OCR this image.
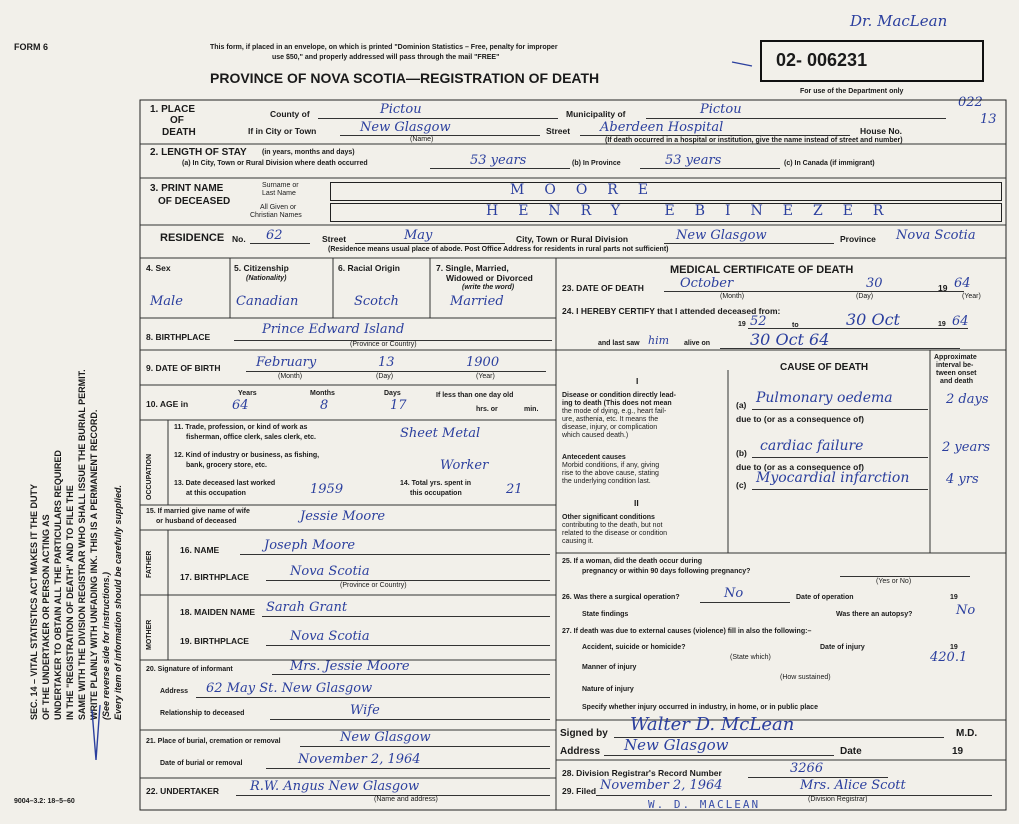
FORM 6	This form, if placed in an envelope, on which is printed "Dominion Statistics – Free, penalty for improper
use $50," and properly addressed will pass through the mail "FREE"
PROVINCE OF NOVA SCOTIA—REGISTRATION OF DEATH
02- 006231
Dr. MacLean
For use of the Department only
022
13
SEC. 14 – VITAL STATISTICS ACT MAKES IT THE DUTY OF THE UNDERTAKER OR PERSON ACTING AS UNDERTAKER TO OBTAIN ALL THE PARTICULARS REQUIRED IN THE "REGISTRATION OF DEATH" AND TO FILE THE SAME WITH THE DIVISION REGISTRAR WHO SHALL ISSUE THE BURIAL PERMIT. WRITE PLAINLY WITH UNFADING INK. THIS IS A PERMANENT RECORD. (See reverse side for instructions.) Every item of information should be carefully supplied.
1. PLACE
OF
DEATH
County of	Pictou	Municipality of	Pictou
If in City or Town	New Glasgow
(Name)
Street Aberdeen Hospital	House No.
(If death occurred in a hospital or institution, give the name instead of street and number)
2. LENGTH OF STAY (in years, months and days)
(a) In City, Town or Rural Division where death occurred	53 years	(b) In Province	53 years	(c) In Canada (if immigrant)
3. PRINT NAME
OF DECEASED
Surname or
Last Name
All Given or
Christian Names
MOORE
HENRY EBINEZER
RESIDENCE No. 62	Street	May	City, Town or Rural Division	New Glasgow	Province Nova Scotia
(Residence means usual place of abode. Post Office Address for residents in rural parts not sufficient)
4. Sex	5. Citizenship
(Nationality)
6. Racial Origin	7. Single, Married,
Widowed or Divorced
(write the word)
Male	Canadian	Scotch	Married
8. BIRTHPLACE	Prince Edward Island
(Province or Country)
9. DATE OF BIRTH	February	13	1900
(Month)	(Day)	(Year)
10. AGE in
Years	Months	Days
64	8	17
If less than one day old
hrs. or	min.
OCCUPATION
11. Trade, profession, or kind of work as
fisherman, office clerk, sales clerk, etc.	Sheet Metal
12. Kind of industry or business, as fishing,
bank, grocery store, etc.	Worker
13. Date deceased last worked
at this occupation	1959	14. Total yrs. spent in
this occupation	21
15. If married give name of wife
or husband of deceased	Jessie Moore
FATHER
MOTHER
16. NAME	Joseph Moore
17. BIRTHPLACE	Nova Scotia
(Province or Country)
18. MAIDEN NAME Sarah Grant
19. BIRTHPLACE	Nova Scotia
20. Signature of informant	Mrs. Jessie Moore
Address 62 May St. New Glasgow
Relationship to deceased	Wife
21. Place of burial, cremation or removal	New Glasgow
Date of burial or removal	November 2, 1964
22. UNDERTAKER R.W. Angus New Glasgow
(Name and address)
9004–3.2: 18–5–60
MEDICAL CERTIFICATE OF DEATH
23. DATE OF DEATH	October	30	19 64
(Month)	(Day)	(Year)
24. I HEREBY CERTIFY that I attended deceased from:
19 52	to	30 Oct	19 64
and last saw him alive on 30 Oct 64
CAUSE OF DEATH
Approximate
interval be-
tween onset
and death
I
Disease or condition directly lead-
ing to death (This does not mean
the mode of dying, e.g., heart fail-
ure, asthenia, etc. It means the
disease, injury, or complication
which caused death.)
(a) Pulmonary oedema	2 days
due to (or as a consequence of)
Antecedent causes
Morbid conditions, if any, giving
rise to the above cause, stating
the underlying condition last.
(b) cardiac failure	2 years
due to (or as a consequence of)
(c) Myocardial infarction	4 yrs
II
Other significant conditions
contributing to the death, but not
related to the disease or condition
causing it.
25. If a woman, did the death occur during
pregnancy or within 90 days following pregnancy?
(Yes or No)
26. Was there a surgical operation?	No	Date of operation	19
State findings	Was there an autopsy?	No
27. If death was due to external causes (violence) fill in also the following:–
Accident, suicide or homicide?
(State which)
Date of injury	19
Manner of injury
420.1
(How sustained)
Nature of injury
Specify whether injury occurred in industry, in home, or in public place
Signed by Walter D. McLean	M.D.
Address New Glasgow	Date	19
28. Division Registrar's Record Number	3266
29. Filed November 2, 1964	Mrs. Alice Scott
(Division Registrar)
W. D. MACLEAN
